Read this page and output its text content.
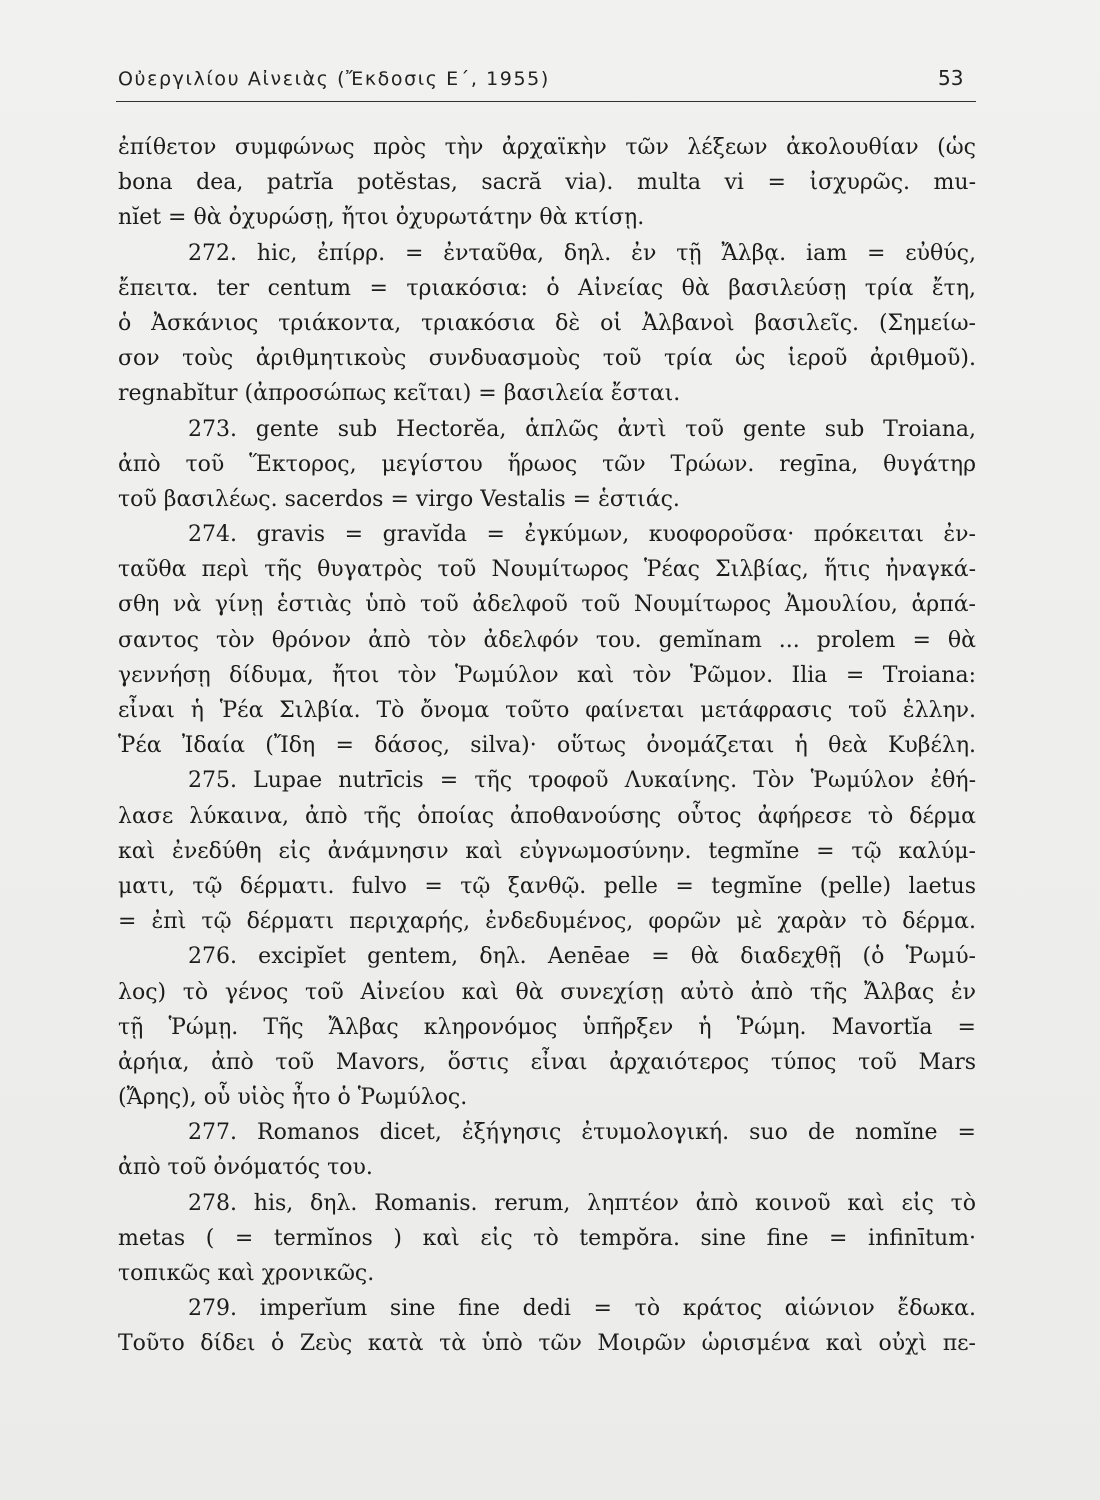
Οὐεργιλίου Αἰνειὰς (Ἔκδοσις Ε΄, 1955)	53
ἐπίθετον συμφώνως πρὸς τὴν ἀρχαϊκὴν τῶν λέξεων ἀκολουθίαν (ὡς
bona dea, patrĭa potĕstas, sacră via). multa vi = ἰσχυρῶς. mu-
nĭet = θὰ ὀχυρώσῃ, ἤτοι ὀχυρωτάτην θὰ κτίσῃ.
272. hic, ἐπίρρ. = ἐνταῦθα, δηλ. ἐν τῇ Ἄλβᾳ. iam = εὐθύς,
ἔπειτα. ter centum = τριακόσια: ὁ Αἰνείας θὰ βασιλεύσῃ τρία ἔτη,
ὁ Ἀσκάνιος τριάκοντα, τριακόσια δὲ οἱ Ἀλβανοὶ βασιλεῖς. (Σημείω-
σον τοὺς ἀριθμητικοὺς συνδυασμοὺς τοῦ τρία ὡς ἱεροῦ ἀριθμοῦ).
regnabĭtur (ἀπροσώπως κεῖται) = βασιλεία ἔσται.
273. gente sub Hectorĕa, ἁπλῶς ἀντὶ τοῦ gente sub Troiana,
ἀπὸ τοῦ Ἕκτορος, μεγίστου ἥρωος τῶν Τρώων. regīna, θυγάτηρ
τοῦ βασιλέως. sacerdos = virgo Vestalis = ἑστιάς.
274. gravis = gravĭda = ἐγκύμων, κυοφοροῦσα· πρόκειται ἐν-
ταῦθα περὶ τῆς θυγατρὸς τοῦ Νουμίτωρος Ῥέας Σιλβίας, ἥτις ἠναγκά-
σθη νὰ γίνῃ ἑστιὰς ὑπὸ τοῦ ἀδελφοῦ τοῦ Νουμίτωρος Ἀμουλίου, ἁρπά-
σαντος τὸν θρόνον ἀπὸ τὸν ἀδελφόν του. gemĭnam ... prolem = θὰ
γεννήσῃ δίδυμα, ἤτοι τὸν Ῥωμύλον καὶ τὸν Ῥῶμον. Ilia = Troiana:
εἶναι ἡ Ῥέα Σιλβία. Τὸ ὄνομα τοῦτο φαίνεται μετάφρασις τοῦ ἑλλην.
Ῥέα Ἰδαία (Ἴδη = δάσος, silva)· οὕτως ὀνομάζεται ἡ θεὰ Κυβέλη.
275. Lupae nutrīcis = τῆς τροφοῦ Λυκαίνης. Τὸν Ῥωμύλον ἐθή-
λασε λύκαινα, ἀπὸ τῆς ὁποίας ἀποθανούσης οὗτος ἀφήρεσε τὸ δέρμα
καὶ ἐνεδύθη εἰς ἀνάμνησιν καὶ εὐγνωμοσύνην. tegmĭne = τῷ καλύμ-
ματι, τῷ δέρματι. fulvo = τῷ ξανθῷ. pelle = tegmĭne (pelle) laetus
= ἐπὶ τῷ δέρματι περιχαρής, ἐνδεδυμένος, φορῶν μὲ χαρὰν τὸ δέρμα.
276. excipĭet gentem, δηλ. Aenēae = θὰ διαδεχθῇ (ὁ Ῥωμύ-
λος) τὸ γένος τοῦ Αἰνείου καὶ θὰ συνεχίσῃ αὐτὸ ἀπὸ τῆς Ἄλβας ἐν
τῇ Ῥώμῃ. Τῆς Ἄλβας κληρονόμος ὑπῆρξεν ἡ Ῥώμη. Mavortĭa =
ἀρήια, ἀπὸ τοῦ Mavors, ὅστις εἶναι ἀρχαιότερος τύπος τοῦ Mars
(Ἄρης), οὗ υἱὸς ἦτο ὁ Ῥωμύλος.
277. Romanos dicet, ἐξήγησις ἐτυμολογική. suo de nomĭne =
ἀπὸ τοῦ ὀνόματός του.
278. his, δηλ. Romanis. rerum, ληπτέον ἀπὸ κοινοῦ καὶ εἰς τὸ
metas ( = termĭnos ) καὶ εἰς τὸ tempŏra. sine fine = infinītum·
τοπικῶς καὶ χρονικῶς.
279. imperĭum sine fine dedi = τὸ κράτος αἰώνιον ἔδωκα.
Τοῦτο δίδει ὁ Ζεὺς κατὰ τὰ ὑπὸ τῶν Μοιρῶν ὡρισμένα καὶ οὐχὶ πε-
